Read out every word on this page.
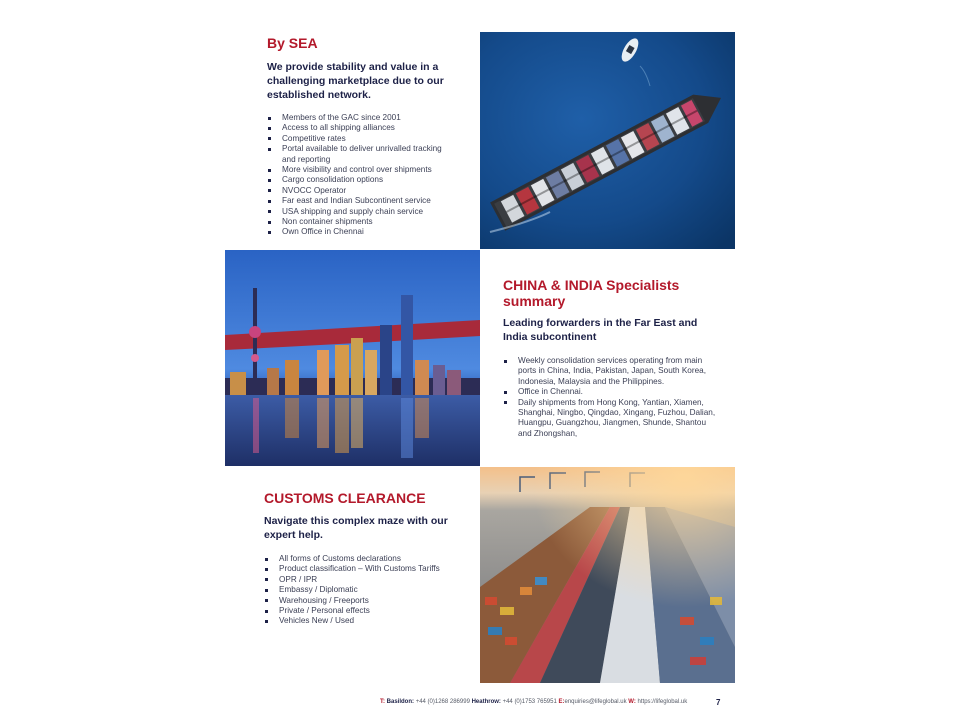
By SEA
We provide stability and value in a challenging marketplace due to our established network.
Members of the GAC since 2001
Access to all shipping alliances
Competitive rates
Portal available to deliver unrivalled tracking and reporting
More visibility and control over shipments
Cargo consolidation options
NVOCC Operator
Far east and Indian Subcontinent service
USA shipping and supply chain service
Non container shipments
Own Office in Chennai
CHINA & INDIA Specialists summary
Leading forwarders in the Far East and India subcontinent
Weekly consolidation services operating from main ports in China, India, Pakistan, Japan, South Korea, Indonesia, Malaysia and the Philippines.
Office in Chennai.
Daily shipments from Hong Kong, Yantian, Xiamen, Shanghai, Ningbo, Qingdao, Xingang, Fuzhou, Dalian, Huangpu, Guangzhou, Jiangmen, Shunde, Shantou and Zhongshan,
CUSTOMS CLEARANCE
Navigate this complex maze with our expert help.
All forms of Customs declarations
Product classification – With Customs Tariffs
OPR / IPR
Embassy / Diplomatic
Warehousing / Freeports
Private / Personal effects
Vehicles New / Used
T: Basildon: +44 (0)1268 286999 Heathrow: +44 (0)1753 765951 E:enquiries@lifeglobal.uk W: https://lifeglobal.uk	7
